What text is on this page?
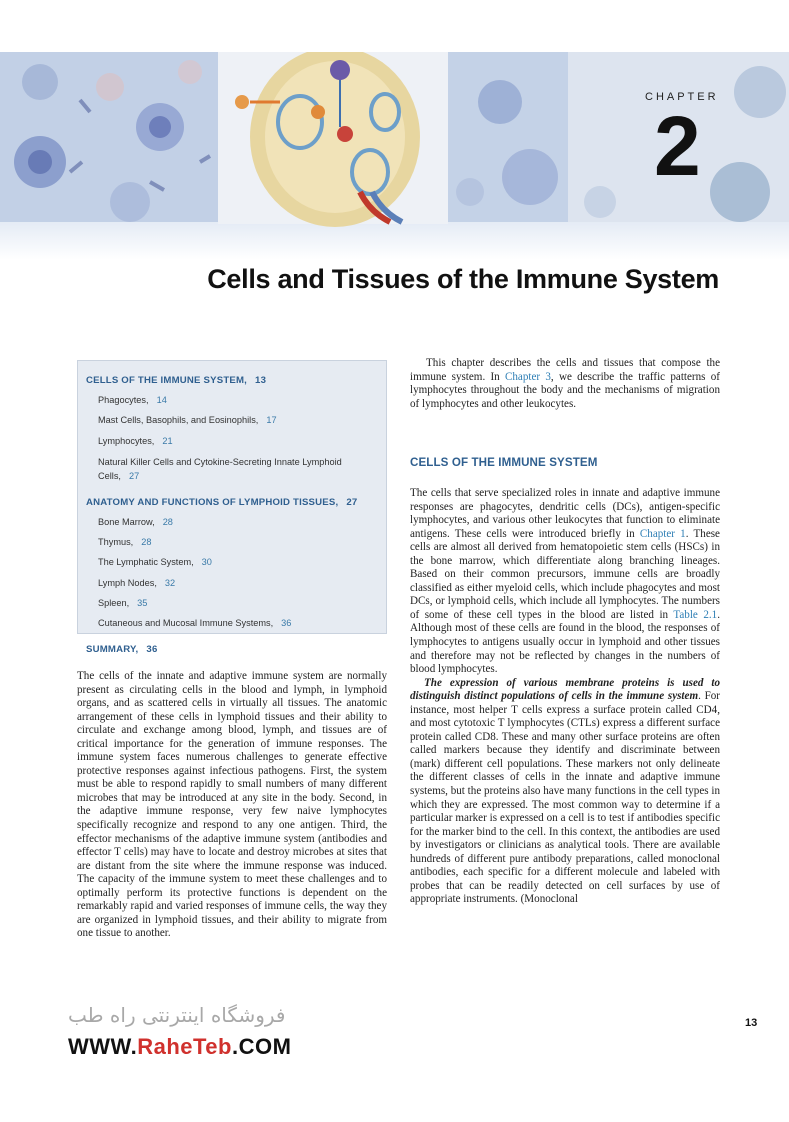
CHAPTER
2
Cells and Tissues of the Immune System
CELLS OF THE IMMUNE SYSTEM, 13
Phagocytes, 14
Mast Cells, Basophils, and Eosinophils, 17
Lymphocytes, 21
Natural Killer Cells and Cytokine-Secreting Innate Lymphoid Cells, 27
ANATOMY AND FUNCTIONS OF LYMPHOID TISSUES, 27
Bone Marrow, 28
Thymus, 28
The Lymphatic System, 30
Lymph Nodes, 32
Spleen, 35
Cutaneous and Mucosal Immune Systems, 36
SUMMARY, 36

This chapter describes the cells and tissues that compose the immune system. In Chapter 3, we describe the traffic patterns of lymphocytes throughout the body and the mechanisms of migration of lymphocytes and other leukocytes.

CELLS OF THE IMMUNE SYSTEM

The cells that serve specialized roles in innate and adaptive immune responses are phagocytes, dendritic cells (DCs), antigen-specific lymphocytes, and various other leukocytes that function to eliminate antigens. These cells were introduced briefly in Chapter 1. These cells are almost all derived from hematopoietic stem cells (HSCs) in the bone marrow, which differentiate along branching lineages. Based on their common precursors, immune cells are broadly classified as either myeloid cells, which include phagocytes and most DCs, or lymphoid cells, which include all lymphocytes. The numbers of some of these cell types in the blood are listed in Table 2.1. Although most of these cells are found in the blood, the responses of lymphocytes to antigens usually occur in lymphoid and other tissues and therefore may not be reflected by changes in the numbers of blood lymphocytes.

The expression of various membrane proteins is used to distinguish distinct populations of cells in the immune system. For instance, most helper T cells express a surface protein called CD4, and most cytotoxic T lymphocytes (CTLs) express a different surface protein called CD8. These and many other surface proteins are often called markers because they identify and discriminate between (mark) different cell populations. These markers not only delineate the different classes of cells in the innate and adaptive immune systems, but the proteins also have many functions in the cell types in which they are expressed. The most common way to determine if a particular marker is expressed on a cell is to test if antibodies specific for the marker bind to the cell. In this context, the antibodies are used by investigators or clinicians as analytical tools. There are available hundreds of different pure antibody preparations, called monoclonal antibodies, each specific for a different molecule and labeled with probes that can be readily detected on cell surfaces by use of appropriate instruments. (Monoclonal

The cells of the innate and adaptive immune system are normally present as circulating cells in the blood and lymph, in lymphoid organs, and as scattered cells in virtually all tissues. The anatomic arrangement of these cells in lymphoid tissues and their ability to circulate and exchange among blood, lymph, and tissues are of critical importance for the generation of immune responses. The immune system faces numerous challenges to generate effective protective responses against infectious pathogens. First, the system must be able to respond rapidly to small numbers of many different microbes that may be introduced at any site in the body. Second, in the adaptive immune response, very few naive lymphocytes specifically recognize and respond to any one antigen. Third, the effector mechanisms of the adaptive immune system (antibodies and effector T cells) may have to locate and destroy microbes at sites that are distant from the site where the immune response was induced. The capacity of the immune system to meet these challenges and to optimally perform its protective functions is dependent on the remarkably rapid and varied responses of immune cells, the way they are organized in lymphoid tissues, and their ability to migrate from one tissue to another.

13
فروشگاه اینترنتی راه طب
WWW.RaheTeb.COM
